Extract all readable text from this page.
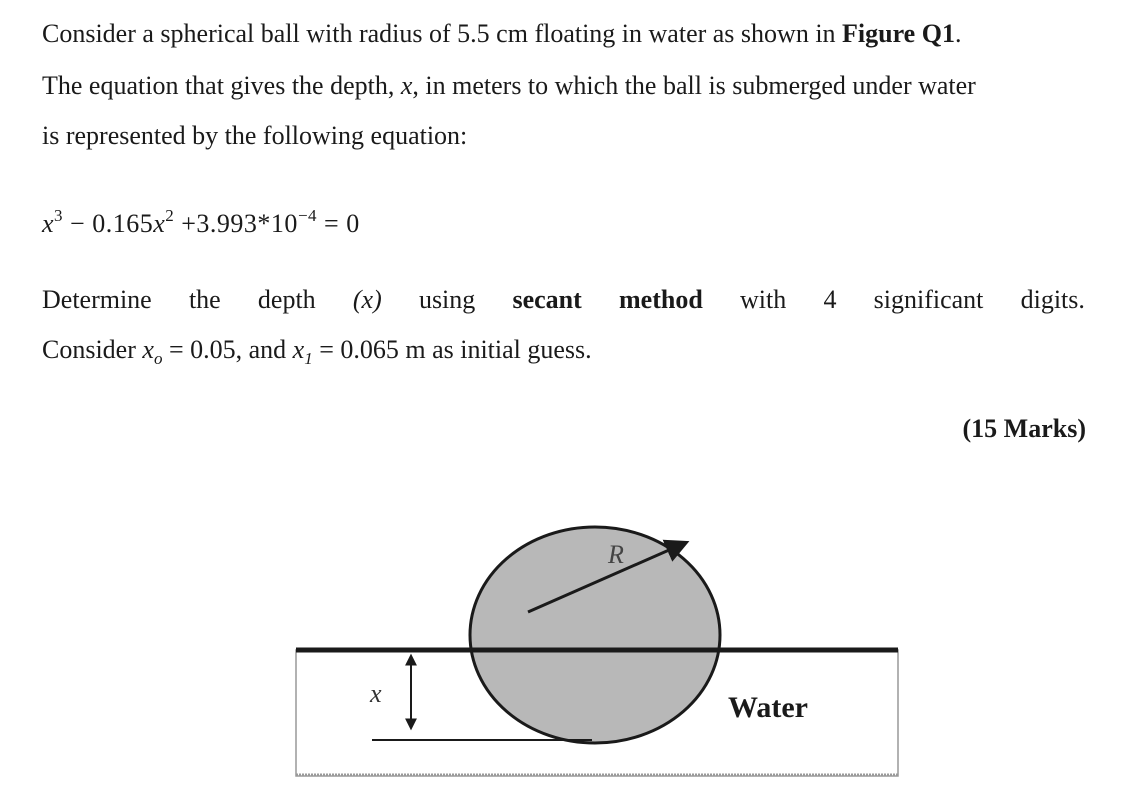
Consider a spherical ball with radius of 5.5 cm floating in water as shown in Figure Q1.
The equation that gives the depth, x, in meters to which the ball is submerged under water
is represented by the following equation:
$x^3 - 0.165x^2 +3.993*10^{-4} = 0$
Determine the depth (x) using secant method with 4 significant digits.
Consider $x_o = 0.05$, and $x_1 = 0.065$ m as initial guess.
(15 Marks)
R
x	Water
